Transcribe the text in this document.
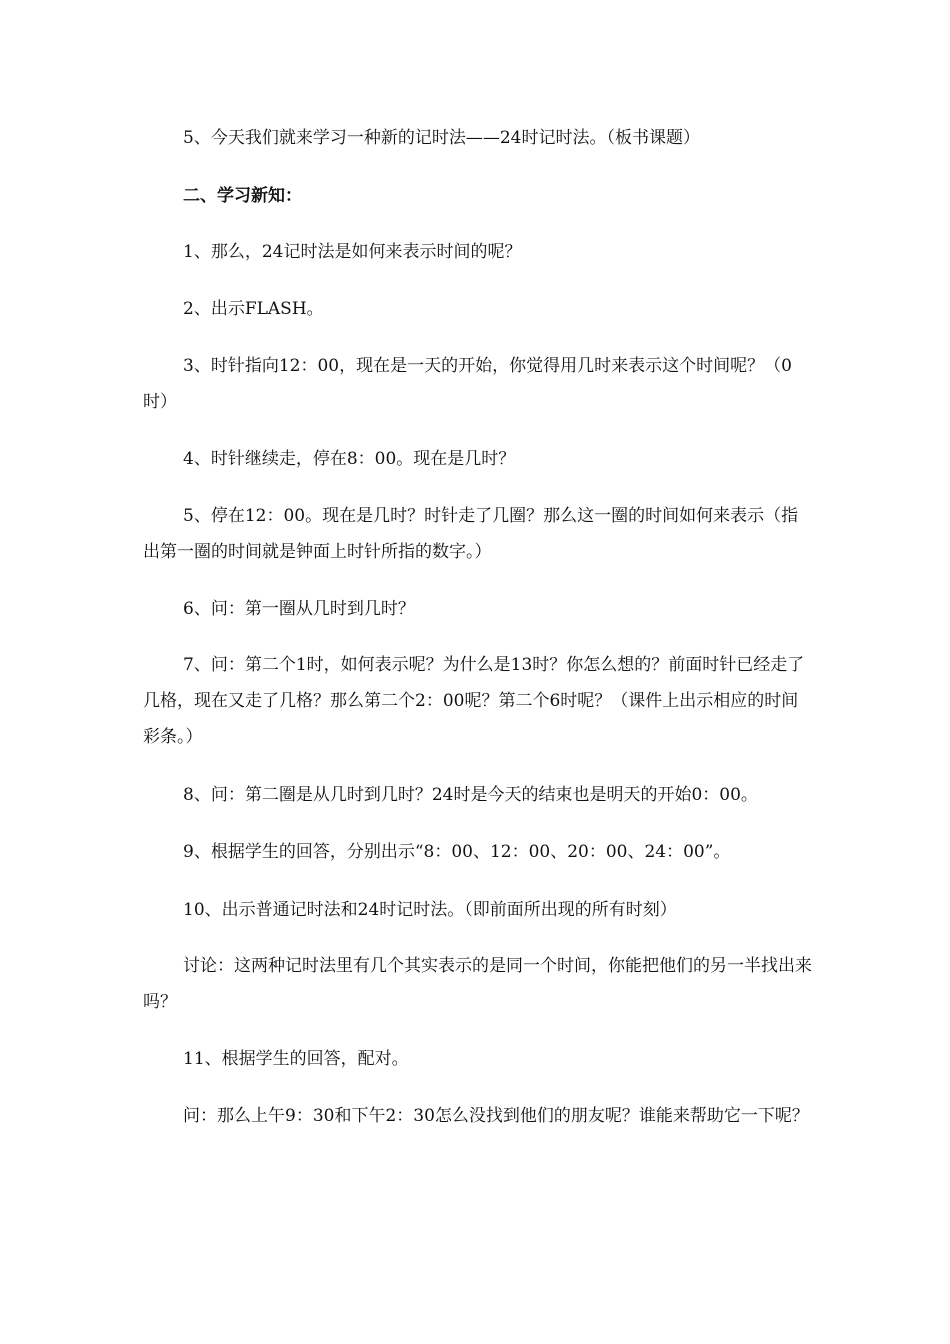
5、今天我们就来学习一种新的记时法——24时记时法。（板书课题）

二、学习新知：

1、那么，24记时法是如何来表示时间的呢？

2、出示FLASH。

3、时针指向12：00，现在是一天的开始，你觉得用几时来表示这个时间呢？（0时）

4、时针继续走，停在8：00。现在是几时？

5、停在12：00。现在是几时？时针走了几圈？那么这一圈的时间如何来表示（指出第一圈的时间就是钟面上时针所指的数字。）

6、问：第一圈从几时到几时？

7、问：第二个1时，如何表示呢？为什么是13时？你怎么想的？前面时针已经走了几格，现在又走了几格？那么第二个2：00呢？第二个6时呢？（课件上出示相应的时间彩条。）

8、问：第二圈是从几时到几时？24时是今天的结束也是明天的开始0：00。

9、根据学生的回答，分别出示“8：00、12：00、20：00、24：00”。

10、出示普通记时法和24时记时法。（即前面所出现的所有时刻）

讨论：这两种记时法里有几个其实表示的是同一个时间，你能把他们的另一半找出来吗？

11、根据学生的回答，配对。

问：那么上午9：30和下午2：30怎么没找到他们的朋友呢？谁能来帮助它一下呢？
